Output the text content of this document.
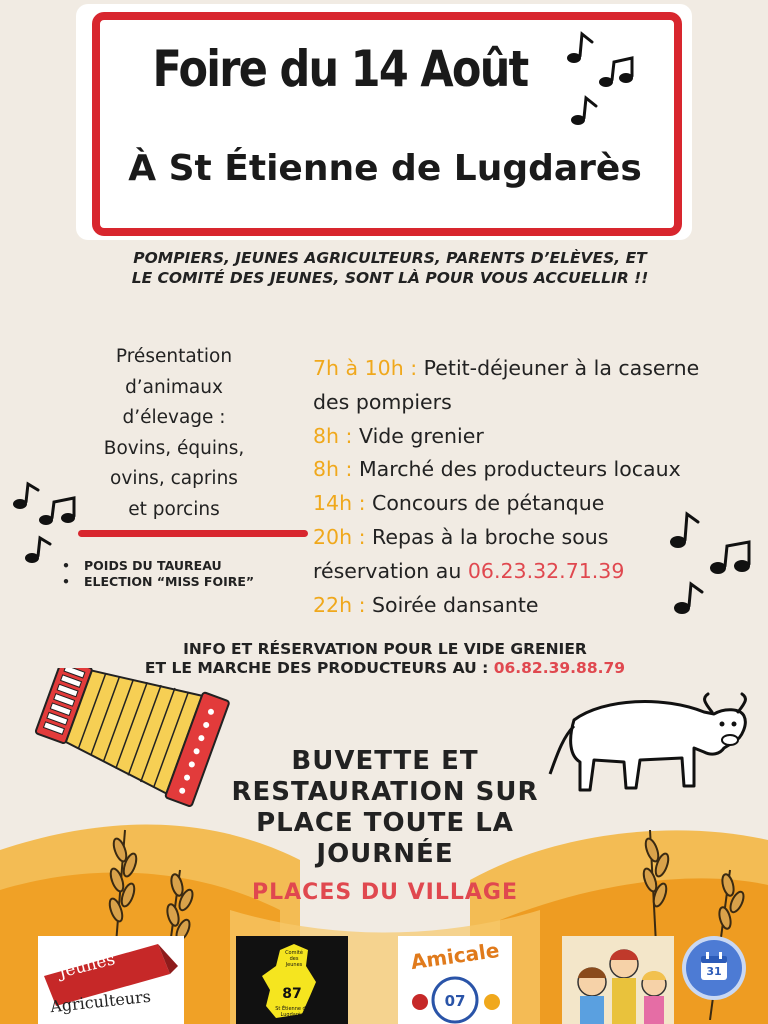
Foire du 14 Août
À St Étienne de Lugdarès
POMPIERS, JEUNES AGRICULTEURS, PARENTS D’ELÈVES, ET LE COMITÉ DES JEUNES, SONT LÀ POUR VOUS ACCUELLIR !!
Présentation
d’animaux
d’élevage :
Bovins, équins,
ovins, caprins
et porcins
• POIDS DU TAUREAU
• ELECTION “MISS FOIRE”
7h à 10h : Petit-déjeuner à la caserne
des pompiers
8h : Vide grenier
8h : Marché des producteurs locaux
14h : Concours de pétanque
20h : Repas à la broche sous
réservation au 06.23.32.71.39
22h : Soirée dansante
INFO ET RÉSERVATION POUR LE VIDE GRENIER
ET LE MARCHE DES PRODUCTEURS AU : 06.82.39.88.79
BUVETTE ET
RESTAURATION SUR
PLACE TOUTE LA
JOURNÉE
PLACES DU VILLAGE
Jeunes
Agriculteurs
Comité des Jeunes
87
St Étienne de Lugdarès
Amicale
07
31
